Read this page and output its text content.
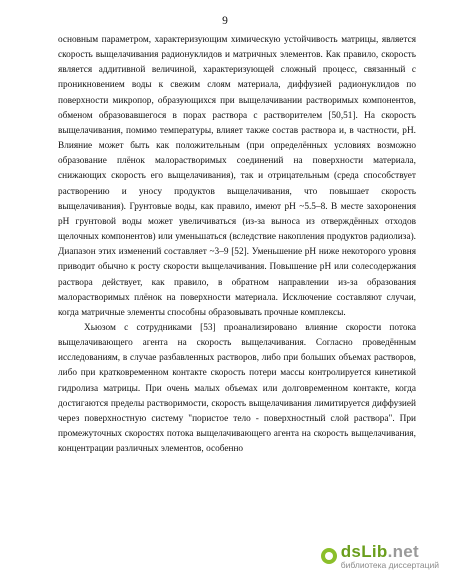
9

основным параметром, характеризующим химическую устойчивость матрицы, является скорость выщелачивания радионуклидов и матричных элементов. Как правило, скорость является аддитивной величиной, характеризующей сложный процесс, связанный с проникновением воды к свежим слоям материала, диффузией радионуклидов по поверхности микропор, образующихся при выщелачивании растворимых компонентов, обменом образовавшегося в порах раствора с растворителем [50,51]. На скорость выщелачивания, помимо температуры, влияет также состав раствора и, в частности, рН. Влияние может быть как положительным (при определённых условиях возможно образование плёнок малорастворимых соединений на поверхности материала, снижающих скорость его выщелачивания), так и отрицательным (среда способствует растворению и уносу продуктов выщелачивания, что повышает скорость выщелачивания). Грунтовые воды, как правило, имеют рН ~5.5–8. В месте захоронения рН грунтовой воды может увеличиваться (из-за выноса из отверждённых отходов щелочных компонентов) или уменьшаться (вследствие накопления продуктов радиолиза). Диапазон этих изменений составляет ~3–9 [52]. Уменьшение рН ниже некоторого уровня приводит обычно к росту скорости выщелачивания. Повышение рН или солесодержания раствора действует, как правило, в обратном направлении из-за образования малорастворимых плёнок на поверхности материала. Исключение составляют случаи, когда матричные элементы способны образовывать прочные комплексы.

Хьюзом с сотрудниками [53] проанализировано влияние скорости потока выщелачивающего агента на скорость выщелачивания. Согласно проведённым исследованиям, в случае разбавленных растворов, либо при больших объемах растворов, либо при кратковременном контакте скорость потери массы контролируется кинетикой гидролиза матрицы. При очень малых объемах или долговременном контакте, когда достигаются пределы растворимости, скорость выщелачивания лимитируется диффузией через поверхностную систему "пористое тело - поверхностный слой раствора". При промежуточных скоростях потока выщелачивающего агента на скорость выщелачивания, концентрации различных элементов, особенно

dsLib.net
библиотека диссертаций
